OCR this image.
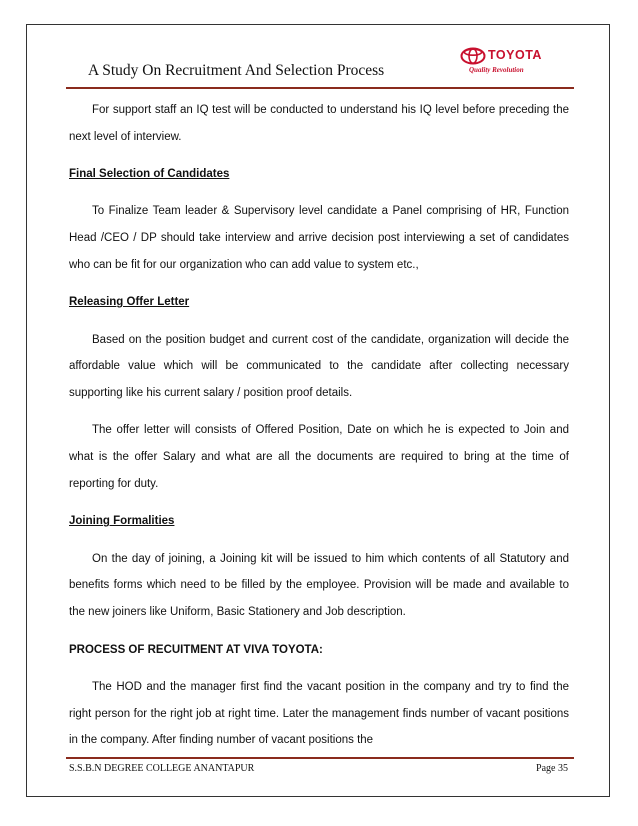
A Study On Recruitment And Selection Process
TOYOTA
Quality Revolution

For support staff an IQ test will be conducted to understand his IQ level before preceding the next level of interview.

Final Selection of Candidates

To Finalize Team leader & Supervisory level candidate a Panel comprising of HR, Function Head /CEO / DP should take interview and arrive decision post interviewing a set of candidates who can be fit for our organization who can add value to system etc.,

Releasing Offer Letter

Based on the position budget and current cost of the candidate, organization will decide the affordable value which will be communicated to the candidate after collecting necessary supporting like his current salary / position proof details.

The offer letter will consists of Offered Position, Date on which he is expected to Join and what is the offer Salary and what are all the documents are required to bring at the time of reporting for duty.

Joining Formalities

On the day of joining, a Joining kit will be issued to him which contents of all Statutory and benefits forms which need to be filled by the employee. Provision will be made and available to the new joiners like Uniform, Basic Stationery and Job description.

PROCESS OF RECUITMENT AT VIVA TOYOTA:

The HOD and the manager first find the vacant position in the company and try to find the right person for the right job at right time. Later the management finds number of vacant positions in the company. After finding number of vacant positions the

S.S.B.N DEGREE COLLEGE ANANTAPUR	Page 35
